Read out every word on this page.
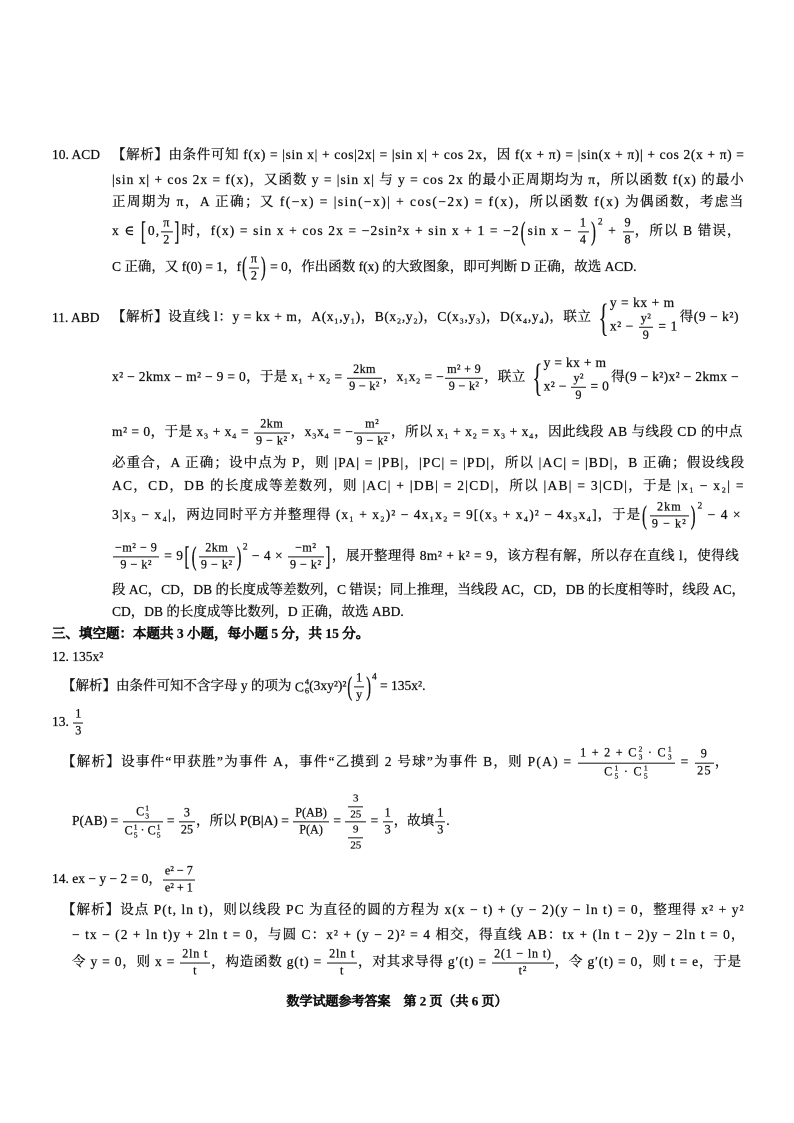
10. ACD 【解析】由条件可知 f(x) = |sin x| + cos|2x| = |sin x| + cos 2x，因 f(x + π) = |sin(x + π)| + cos 2(x + π) =
|sin x| + cos 2x = f(x)，又函数 y = |sin x| 与 y = cos 2x 的最小正周期均为 π，所以函数 f(x) 的最小
正周期为 π，A 正确；又 f(−x) = |sin(−x)| + cos(−2x) = f(x)，所以函数 f(x) 为偶函数，考虑当
x ∈ [0, $\frac{\pi}{2}$ ]时，f(x) = sin x + cos 2x = −2sin²x + sin x + 1 = −2(sin $x - \frac{1}{4} )^2 + \frac{9}{8}$ ，所以 B 错误，
C 正确，又 f(0) = 1，$f( \frac{\pi}{2}$ ) = 0，作出函数 f(x) 的大致图象，即可判断 D 正确，故选 ACD.
11. ABD 【解析】设直线 l：y = kx + m，A(x₁,y₁)，B(x₂,y₂)，C(x₃,y₃)，D(x₄,y₄)，联立 { y = kx + m
$x^2 - \frac{\text{y²}}{9} = 1$
得(9 − k²)
x² − 2kmx − m² − 9 = 0，于是 $x_1 + x_2 = \frac{2km}{\text{9 − k²}}$ ，x₁x₂ = − $\frac{\text{m² + 9}}{\text{9 − k²}}$ ，联立 { y = kx + m
$x^2 - \frac{\text{y²}}{9} = 0$
得(9 − k²)x² − 2kmx −
m² = 0，于是 $x_3 + x_4 = \frac{2km}{\text{9 − k²}}$ ，x₃x₄ = − $\frac{\text{m²}}{\text{9 − k²}}$ ，所以 x₁ + x₂ = x₃ + x₄，因此线段 AB 与线段 CD 的中点
必重合，A 正确；设中点为 P，则 |PA| = |PB|，|PC| = |PD|，所以 |AC| = |BD|，B 正确；假设线段
AC，CD，DB 的长度成等差数列，则 |AC| + |DB| = 2|CD|，所以 |AB| = 3|CD|，于是 |x₁ − x₂| =
3|x₃ − x₄|，两边同时平方并整理得 (x₁ + x₂)² − 4x₁x₂ = 9[(x₃ + x₄)² − 4x₃x₄]，于是( $\frac{2km}{\text{9 − k²}} )^2 - 4$ ×
$\frac{\text{−m² − 9}}{\text{9 − k²}} = 9$[ ( $\frac{2km}{\text{9 − k²}} )^2 - 4 \times \frac{\text{−m²}}{\text{9 − k²}}$ ]，展开整理得 8m² + k² = 9，该方程有解，所以存在直线 l，使得线
段 AC，CD，DB 的长度成等差数列，C 错误；同上推理，当线段 AC，CD，DB 的长度相等时，线段 AC，
CD，DB 的长度成等比数列，D 正确，故选 ABD.
三、填空题：本题共 3 小题，每小题 5 分，共 15 分。
12. 135x²
【解析】由条件可知不含字母 y 的项为 C 4
6 $(3xy^2)^2( \frac{1}{y} )^4 = 135x^2$.
13. $\frac{1}{3}$
【解析】设事件“甲获胜”为事件 A，事件“乙摸到 2 号球”为事件 B，则 P(A) = 1 + 2 + C 2
3 · C 1
3
C 1
5 · C 1
$5 = \frac{9}{25}$ ，
P(AB) = C 1
3
C 1
5 · C 1
$5 = \frac{3}{25}$ ，所以 $P(B|A) = \frac{P(AB)}{P(A)} = \frac{\frac{3}{25}}{\frac{9}{25}} = \frac{1}{3}$ ，故填 $\frac{1}{3}$ .
14. ex − y − 2 = 0， $\frac{\text{e² − 7}}{\text{e² + 1}}$
【解析】设点 P(t, ln t)，则以线段 PC 为直径的圆的方程为 x(x − t) + (y − 2)(y − ln t) = 0，整理得 x² + y²
− tx − (2 + ln t)y + 2ln t = 0，与圆 C：x² + (y − 2)² = 4 相交，得直线 AB：tx + (ln t − 2)y − 2ln t = 0，
令 y = 0，则 $x = \frac{\text{2ln t}}{t}$ ，构造函数 $g(t) = \frac{\text{2ln t}}{t}$ ，对其求导得 $g'(t) = \frac{\text{2(1 − ln t)}}{\text{t²}}$ ，令 g′(t) = 0，则 t = e，于是
数学试题参考答案　第 2 页（共 6 页）
